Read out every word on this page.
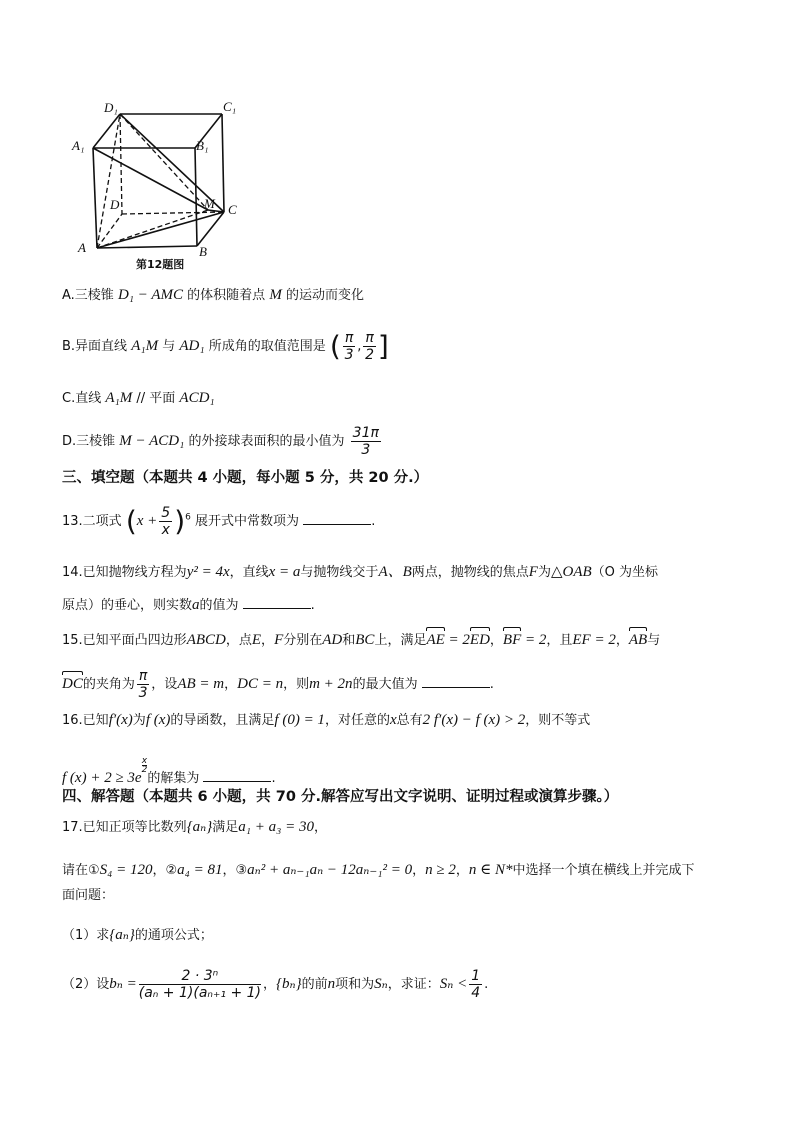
D₁	C₁
A₁	B₁
D	M C
A	B
第12题图
A.三棱锥 D₁ − AMC 的体积随着点 M 的运动而变化
B.异面直线 A₁M 与 AD₁ 所成角的取值范围是 ( $\frac{\pi}{3}$ , $\frac{\pi}{2}$ ]
C.直线 A₁M // 平面 ACD₁
D.三棱锥 M − ACD₁ 的外接球表面积的最小值为 $\frac{31\pi}{3}$
三、填空题（本题共 4 小题，每小题 5 分，共 20 分.）
13.二项式 $(x + \frac{5}{x} )^6$ 展开式中常数项为	.
14.已知抛物线方程为y² = 4x，直线x = a与抛物线交于A、B两点，抛物线的焦点F为△OAB（O 为坐标
原点）的垂心，则实数a的值为	.
15.已知平面凸四边形ABCD，点E，F分别在AD和BC上，满足AE = 2ED，BF = 2，且EF = 2，AB与
DC的夹角为 $\frac{\pi}{3}$ ，设AB = m，DC = n，则m + 2n的最大值为	.
16.已知f′(x)为f (x)的导函数，且满足f (0) = 1，对任意的x总有2 f′(x) − f (x) > 2，则不等式
f (x) + 2 ≥ 3e
$^{\frac{x}{2}}$
的解集为	.
四、解答题（本题共 6 小题，共 70 分.解答应写出文字说明、证明过程或演算步骤。）
17.已知正项等比数列{aₙ}满足a₁ + a₃ = 30，
请在①S₄ = 120，②a₄ = 81，③aₙ² + aₙ₋₁aₙ − 12aₙ₋₁² = 0，n ≥ 2，n ∈ N*中选择一个填在横线上并完成下
面问题：
（1）求{aₙ}的通项公式；
（2）设$b_n = \frac{\text{2 · 3ⁿ}}{\text{(aₙ + 1)(aₙ₊₁ + 1)}}$ ，{bₙ}的前n项和为Sₙ，求证：$S_n < \frac{1}{4}$ .
